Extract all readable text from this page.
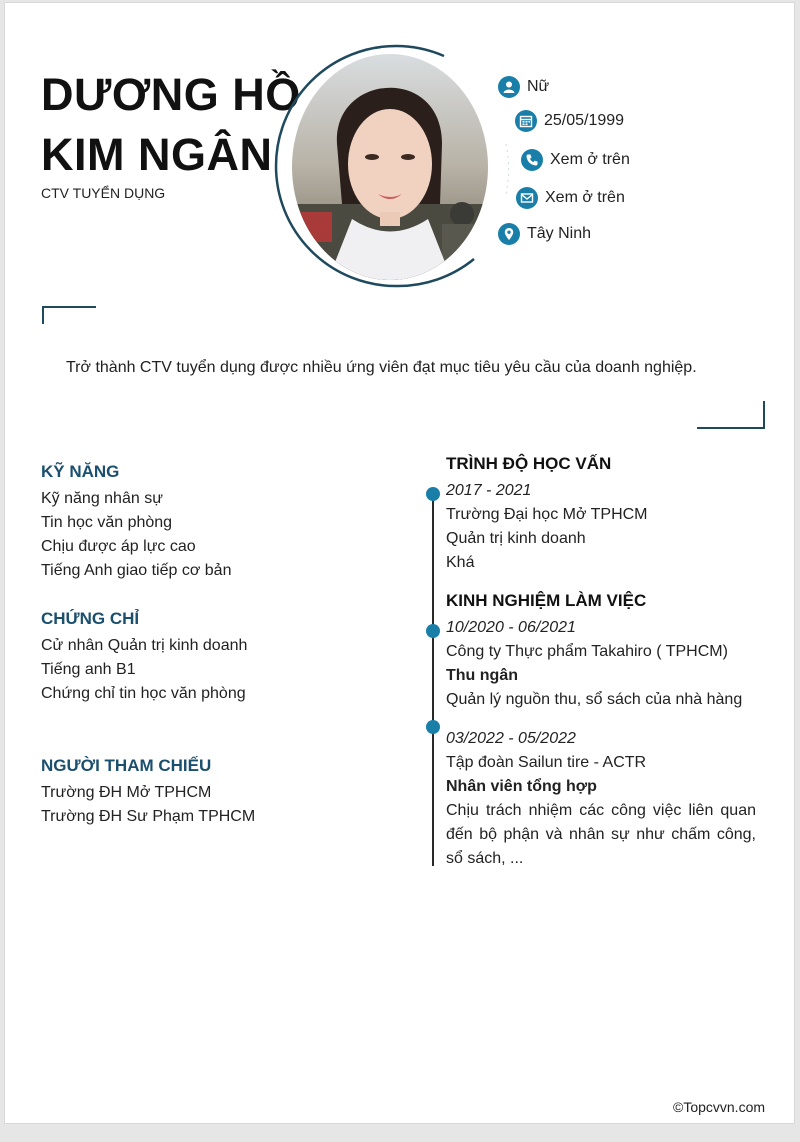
DƯƠNG HỒ
KIM NGÂN
CTV TUYỂN DỤNG
Nữ
25/05/1999
Xem ở trên
Xem ở trên
Tây Ninh
Trở thành CTV tuyển dụng được nhiều ứng viên đạt mục tiêu yêu cầu của doanh nghiệp.
KỸ NĂNG
Kỹ năng nhân sự
Tin học văn phòng
Chịu được áp lực cao
Tiếng Anh giao tiếp cơ bản
CHỨNG CHỈ
Cử nhân Quản trị kinh doanh
Tiếng anh B1
Chứng chỉ tin học văn phòng
NGƯỜI THAM CHIẾU
Trường ĐH Mở TPHCM
Trường ĐH Sư Phạm TPHCM
TRÌNH ĐỘ HỌC VẤN
2017 - 2021
Trường Đại học Mở TPHCM
Quản trị kinh doanh
Khá
KINH NGHIỆM LÀM VIỆC
10/2020 - 06/2021
Công ty Thực phẩm Takahiro ( TPHCM)
Thu ngân
Quản lý nguồn thu, sổ sách của nhà hàng
03/2022 - 05/2022
Tập đoàn Sailun tire - ACTR
Nhân viên tổng hợp
Chịu trách nhiệm các công việc liên quan đến bộ phận và nhân sự như chấm công, sổ sách, ...
©Topcvvn.com
